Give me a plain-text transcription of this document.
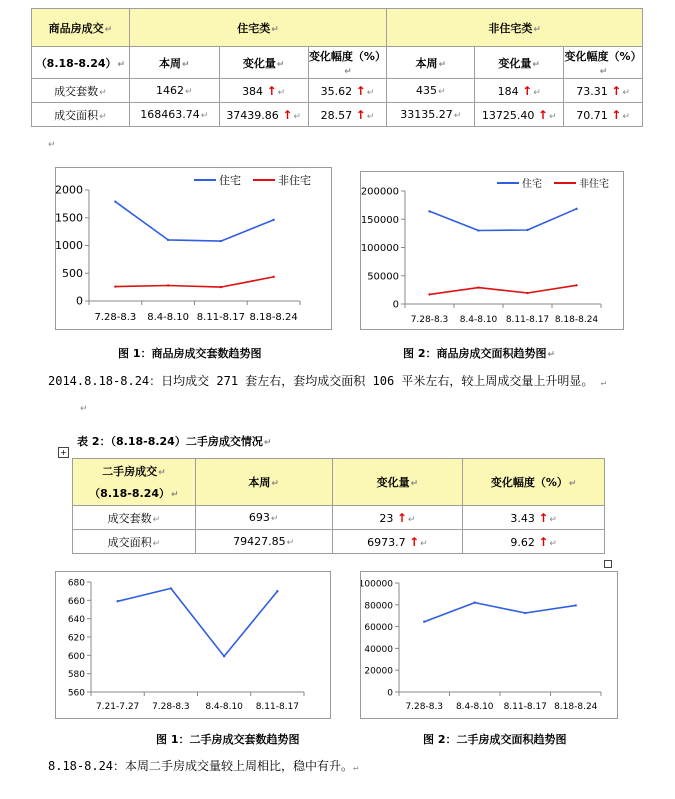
商品房成交↵	住宅类↵			非住宅类↵		
（8.18-8.24）↵	本周↵	变化量↵	变化幅度（%）↵	本周↵	变化量↵	变化幅度（%）↵
成交套数↵	1462↵	384 ↑↵	35.62 ↑↵	435↵	184 ↑↵	73.31 ↑↵
成交面积↵	168463.74↵	37439.86 ↑↵	28.57 ↑↵	33135.27↵	13725.40 ↑↵	70.71 ↑↵
↵
0
500
1000
1500
2000
7.28-8.3 8.4-8.10 8.11-8.17 8.18-8.24
住宅	非住宅
0
50000
100000
150000
200000
7.28-8.3 8.4-8.10 8.11-8.17 8.18-8.24
住宅	非住宅
图 1：商品房成交套数趋势图	图 2：商品房成交面积趋势图↵
2014.8.18-8.24：日均成交 271 套左右，套均成交面积 106 平米左右，较上周成交量上升明显。 ↵
↵
表 2：（8.18-8.24）二手房成交情况↵
+
二手房成交↵
（8.18-8.24）↵	本周↵	变化量↵	变化幅度（%）↵
成交套数↵	693↵	23 ↑↵	3.43 ↑↵
成交面积↵	79427.85↵	6973.7 ↑↵	9.62 ↑↵
560
580
600
620
640
660
680
7.21-7.27 7.28-8.3 8.4-8.10 8.11-8.17
0
20000
40000
60000
80000
100000
7.28-8.3 8.4-8.10 8.11-8.17 8.18-8.24
图 1：二手房成交套数趋势图	图 2：二手房成交面积趋势图
8.18-8.24：本周二手房成交量较上周相比，稳中有升。↵
